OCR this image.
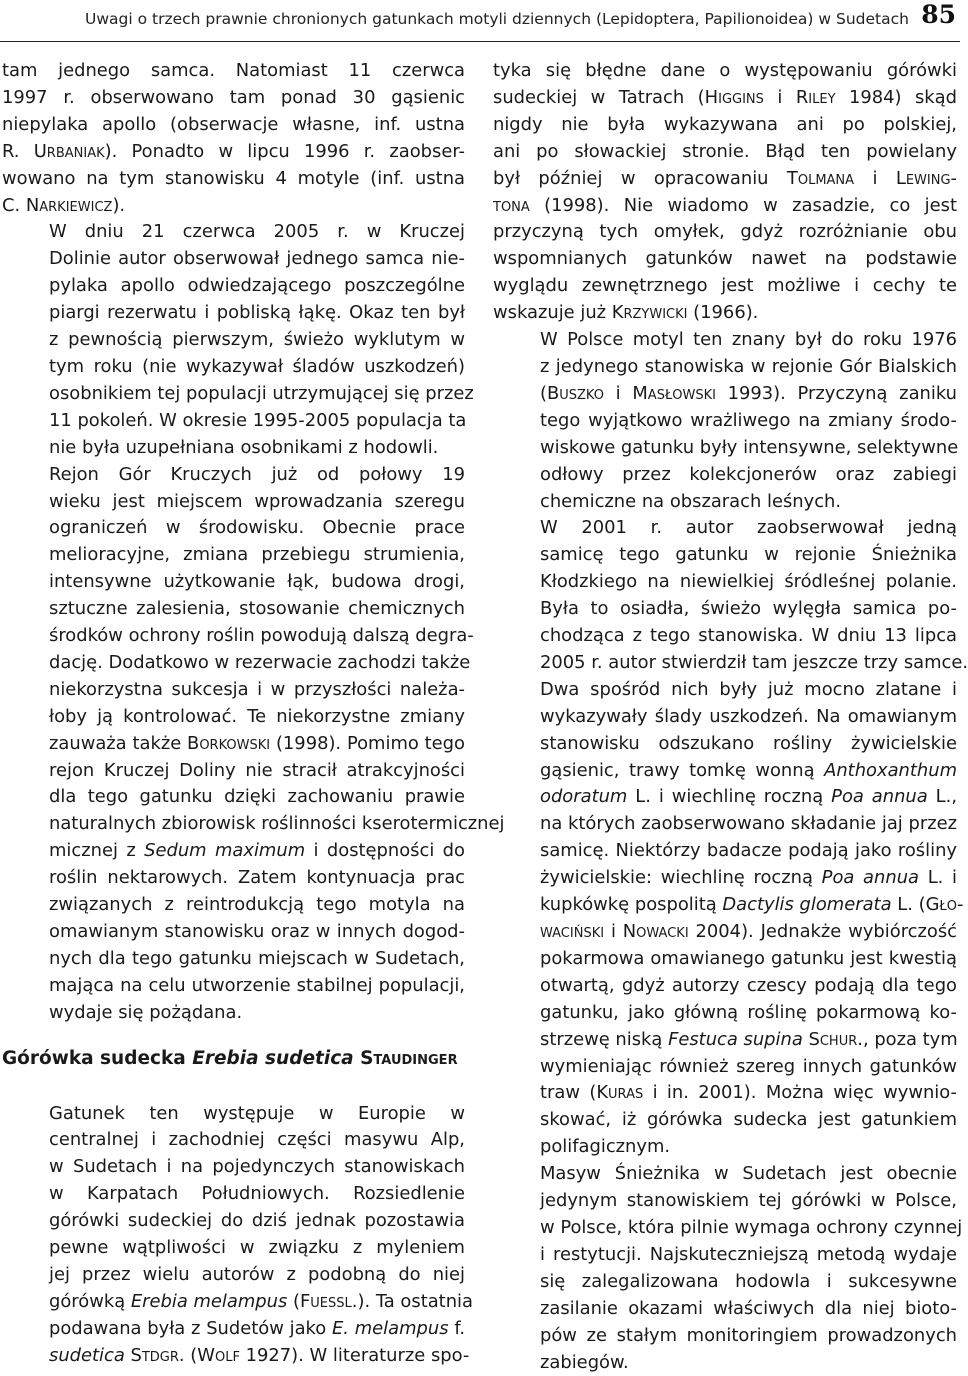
Uwagi o trzech prawnie chronionych gatunkach motyli dziennych (Lepidoptera, Papilionoidea) w Sudetach 85

tam jednego samca. Natomiast 11 czerwca
1997 r. obserwowano tam ponad 30 gąsienic
niepylaka apollo (obserwacje własne, inf. ustna
R. Urbaniak). Ponadto w lipcu 1996 r. zaobser-
wowano na tym stanowisku 4 motyle (inf. ustna
C. Narkiewicz).

W dniu 21 czerwca 2005 r. w Kruczej
Dolinie autor obserwował jednego samca nie-
pylaka apollo odwiedzającego poszczególne
piargi rezerwatu i pobliską łąkę. Okaz ten był
z pewnością pierwszym, świeżo wyklutym w
tym roku (nie wykazywał śladów uszkodzeń)
osobnikiem tej populacji utrzymującej się przez
11 pokoleń. W okresie 1995-2005 populacja ta
nie była uzupełniana osobnikami z hodowli.

Rejon Gór Kruczych już od połowy 19
wieku jest miejscem wprowadzania szeregu
ograniczeń w środowisku. Obecnie prace
melioracyjne, zmiana przebiegu strumienia,
intensywne użytkowanie łąk, budowa drogi,
sztuczne zalesienia, stosowanie chemicznych
środków ochrony roślin powodują dalszą degra-
dację. Dodatkowo w rezerwacie zachodzi także
niekorzystna sukcesja i w przyszłości należa-
łoby ją kontrolować. Te niekorzystne zmiany
zauważa także Borkowski (1998). Pomimo tego
rejon Kruczej Doliny nie stracił atrakcyjności
dla tego gatunku dzięki zachowaniu prawie
naturalnych zbiorowisk roślinności kserotermicznej
micznej z Sedum maximum i dostępności do
roślin nektarowych. Zatem kontynuacja prac
związanych z reintrodukcją tego motyla na
omawianym stanowisku oraz w innych dogod-
nych dla tego gatunku miejscach w Sudetach,
mająca na celu utworzenie stabilnej populacji,
wydaje się pożądana.

Górówka sudecka Erebia sudetica Staudinger

Gatunek ten występuje w Europie w
centralnej i zachodniej części masywu Alp,
w Sudetach i na pojedynczych stanowiskach
w Karpatach Południowych. Rozsiedlenie
górówki sudeckiej do dziś jednak pozostawia
pewne wątpliwości w związku z myleniem
jej przez wielu autorów z podobną do niej
górówką Erebia melampus (Fuessl.). Ta ostatnia
podawana była z Sudetów jako E. melampus f.
sudetica Stdgr. (Wolf 1927). W literaturze spo-

tyka się błędne dane o występowaniu górówki
sudeckiej w Tatrach (Higgins i Riley 1984) skąd
nigdy nie była wykazywana ani po polskiej,
ani po słowackiej stronie. Błąd ten powielany
był później w opracowaniu Tolmana i Lewing-
tona (1998). Nie wiadomo w zasadzie, co jest
przyczyną tych omyłek, gdyż rozróżnianie obu
wspomnianych gatunków nawet na podstawie
wyglądu zewnętrznego jest możliwe i cechy te
wskazuje już Krzywicki (1966).

W Polsce motyl ten znany był do roku 1976
z jedynego stanowiska w rejonie Gór Bialskich
(Buszko i Masłowski 1993). Przyczyną zaniku
tego wyjątkowo wrażliwego na zmiany środo-
wiskowe gatunku były intensywne, selektywne
odłowy przez kolekcjonerów oraz zabiegi
chemiczne na obszarach leśnych.

W 2001 r. autor zaobserwował jedną
samicę tego gatunku w rejonie Śnieżnika
Kłodzkiego na niewielkiej śródleśnej polanie.
Była to osiadła, świeżo wylęgła samica po-
chodząca z tego stanowiska. W dniu 13 lipca
2005 r. autor stwierdził tam jeszcze trzy samce.
Dwa spośród nich były już mocno zlatane i
wykazywały ślady uszkodzeń. Na omawianym
stanowisku odszukano rośliny żywicielskie
gąsienic, trawy tomkę wonną Anthoxanthum
odoratum L. i wiechlinę roczną Poa annua L.,
na których zaobserwowano składanie jaj przez
samicę. Niektórzy badacze podają jako rośliny
żywicielskie: wiechlinę roczną Poa annua L. i
kupkówkę pospolitą Dactylis glomerata L. (Gło-
waciński i Nowacki 2004). Jednakże wybiórczość
pokarmowa omawianego gatunku jest kwestią
otwartą, gdyż autorzy czescy podają dla tego
gatunku, jako główną roślinę pokarmową ko-
strzewę niską Festuca supina Schur., poza tym
wymieniając również szereg innych gatunków
traw (Kuras i in. 2001). Można więc wywnio-
skować, iż górówka sudecka jest gatunkiem
polifagicznym.

Masyw Śnieżnika w Sudetach jest obecnie
jedynym stanowiskiem tej górówki w Polsce,
w Polsce, która pilnie wymaga ochrony czynnej
i restytucji. Najskuteczniejszą metodą wydaje
się zalegalizowana hodowla i sukcesywne
zasilanie okazami właściwych dla niej bioto-
pów ze stałym monitoringiem prowadzonych
zabiegów.
